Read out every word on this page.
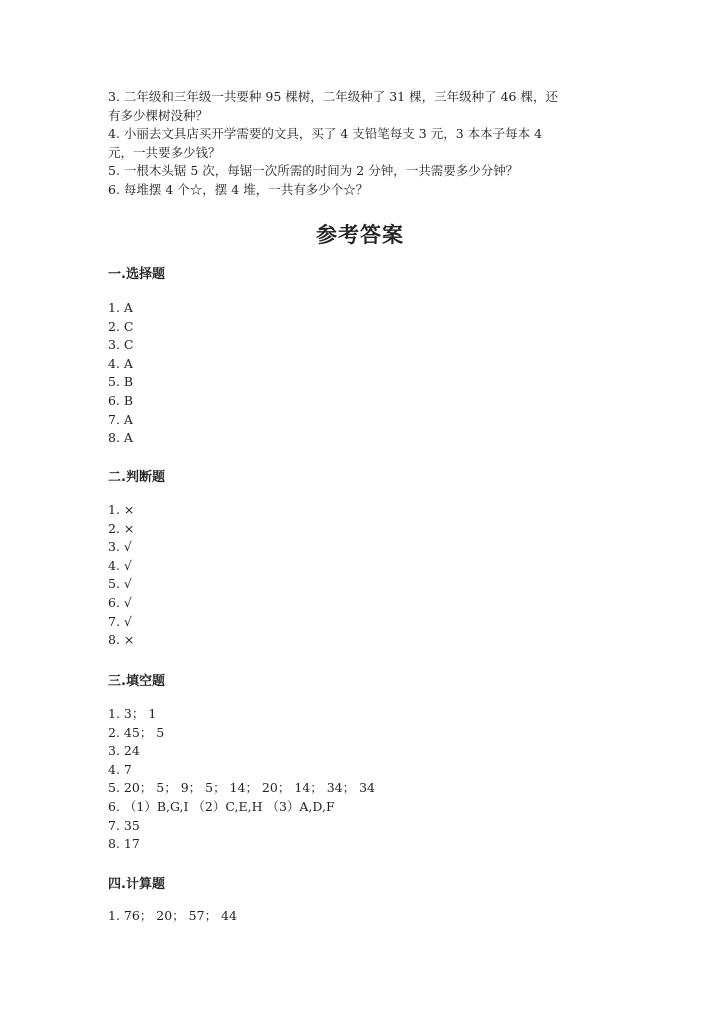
3. 二年级和三年级一共要种 95 棵树，二年级种了 31 棵，三年级种了 46 棵，还
有多少棵树没种？
4. 小丽去文具店买开学需要的文具，买了 4 支铅笔每支 3 元，3 本本子每本 4
元，一共要多少钱？
5. 一根木头锯 5 次，每锯一次所需的时间为 2 分钟，一共需要多少分钟？
6. 每堆摆 4 个☆，摆 4 堆，一共有多少个☆？
参考答案
一.选择题
1. A
2. C
3. C
4. A
5. B
6. B
7. A
8. A
二.判断题
1. ×
2. ×
3. √
4. √
5. √
6. √
7. √
8. ×
三.填空题
1. 3； 1
2. 45； 5
3. 24
4. 7
5. 20； 5； 9； 5； 14； 20； 14； 34； 34
6. （1）B,G,I （2）C,E,H （3）A,D,F
7. 35
8. 17
四.计算题
1. 76； 20； 57； 44
